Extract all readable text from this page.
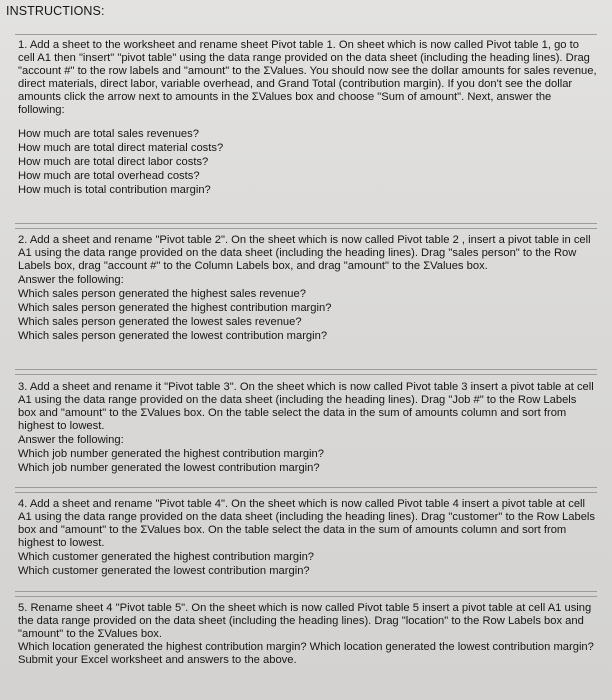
INSTRUCTIONS:

1. Add a sheet to the worksheet and rename sheet Pivot table 1. On sheet which is now called Pivot table 1, go to cell A1 then "insert" "pivot table" using the data range provided on the data sheet (including the heading lines). Drag "account #" to the row labels and "amount" to the ΣValues. You should now see the dollar amounts for sales revenue, direct materials, direct labor, variable overhead, and Grand Total (contribution margin). If you don't see the dollar amounts click the arrow next to amounts in the ΣValues box and choose "Sum of amount". Next, answer the following:

How much are total sales revenues?
How much are total direct material costs?
How much are total direct labor costs?
How much are total overhead costs?
How much is total contribution margin?

2. Add a sheet and rename "Pivot table 2". On the sheet which is now called Pivot table 2 , insert a pivot table in cell A1 using the data range provided on the data sheet (including the heading lines). Drag "sales person" to the Row Labels box, drag "account #" to the Column Labels box, and drag "amount" to the ΣValues box.

Answer the following:
Which sales person generated the highest sales revenue?
Which sales person generated the highest contribution margin?
Which sales person generated the lowest sales revenue?
Which sales person generated the lowest contribution margin?

3. Add a sheet and rename it "Pivot table 3". On the sheet which is now called Pivot table 3 insert a pivot table at cell A1 using the data range provided on the data sheet (including the heading lines). Drag "Job #" to the Row Labels box and "amount" to the ΣValues box. On the table select the data in the sum of amounts column and sort from highest to lowest.

Answer the following:
Which job number generated the highest contribution margin?
Which job number generated the lowest contribution margin?

4. Add a sheet and rename "Pivot table 4". On the sheet which is now called Pivot table 4 insert a pivot table at cell A1 using the data range provided on the data sheet (including the heading lines). Drag "customer" to the Row Labels box and "amount" to the ΣValues box. On the table select the data in the sum of amounts column and sort from highest to lowest.

Which customer generated the highest contribution margin?
Which customer generated the lowest contribution margin?

5. Rename sheet 4 "Pivot table 5". On the sheet which is now called Pivot table 5 insert a pivot table at cell A1 using the data range provided on the data sheet (including the heading lines). Drag "location" to the Row Labels box and "amount" to the ΣValues box.

Which location generated the highest contribution margin? Which location generated the lowest contribution margin?

Submit your Excel worksheet and answers to the above.
